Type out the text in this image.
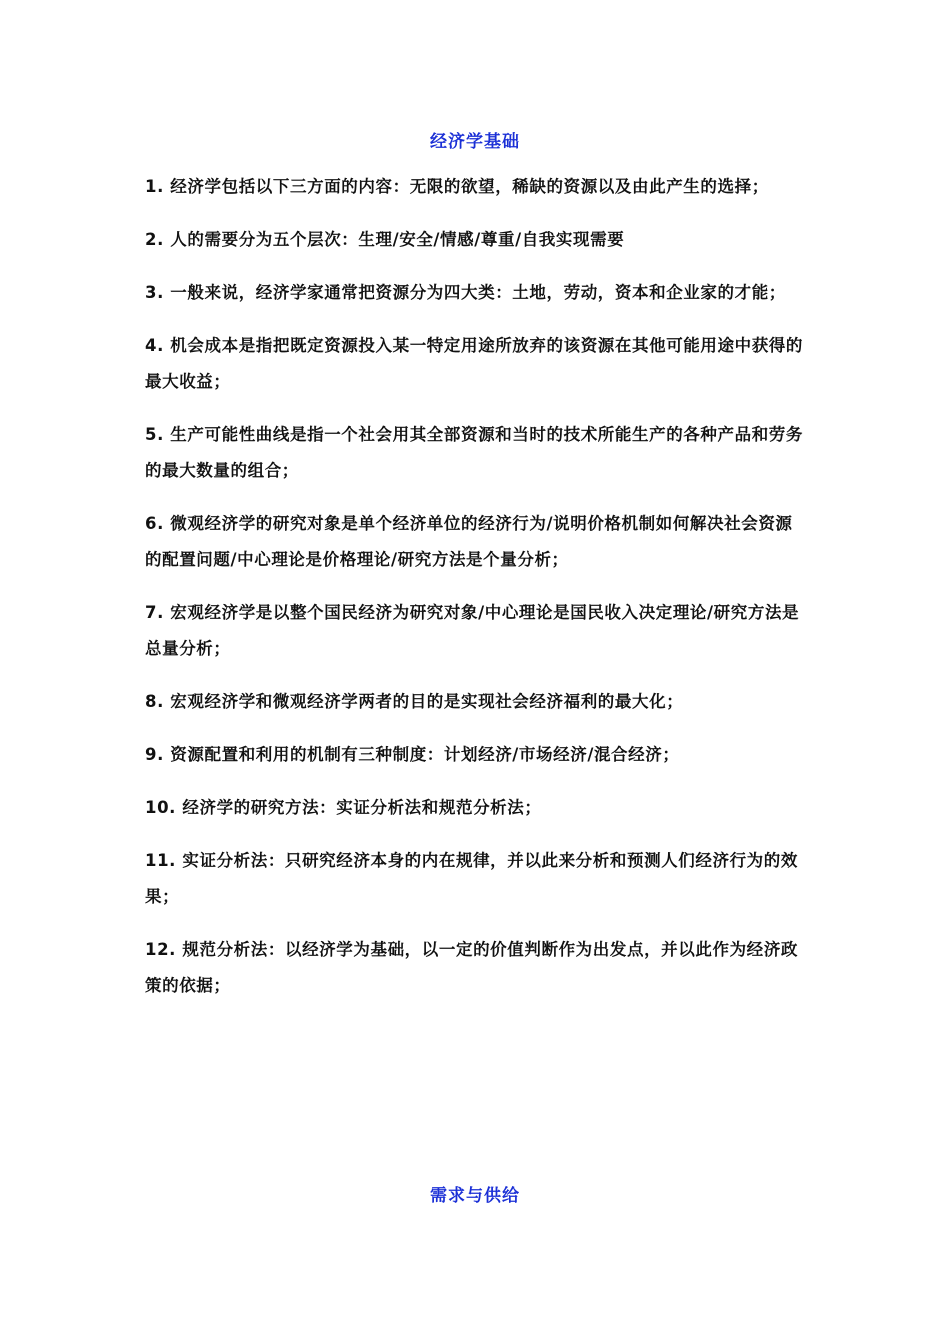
经济学基础

1. 经济学包括以下三方面的内容：无限的欲望，稀缺的资源以及由此产生的选择；

2. 人的需要分为五个层次：生理/安全/情感/尊重/自我实现需要

3. 一般来说，经济学家通常把资源分为四大类：土地，劳动，资本和企业家的才能；

4. 机会成本是指把既定资源投入某一特定用途所放弃的该资源在其他可能用途中获得的最大收益；

5. 生产可能性曲线是指一个社会用其全部资源和当时的技术所能生产的各种产品和劳务的最大数量的组合；

6. 微观经济学的研究对象是单个经济单位的经济行为/说明价格机制如何解决社会资源的配置问题/中心理论是价格理论/研究方法是个量分析；

7. 宏观经济学是以整个国民经济为研究对象/中心理论是国民收入决定理论/研究方法是总量分析；

8. 宏观经济学和微观经济学两者的目的是实现社会经济福利的最大化；

9. 资源配置和利用的机制有三种制度：计划经济/市场经济/混合经济；

10. 经济学的研究方法：实证分析法和规范分析法；

11. 实证分析法：只研究经济本身的内在规律，并以此来分析和预测人们经济行为的效果；

12. 规范分析法：以经济学为基础，以一定的价值判断作为出发点，并以此作为经济政策的依据；

需求与供给
